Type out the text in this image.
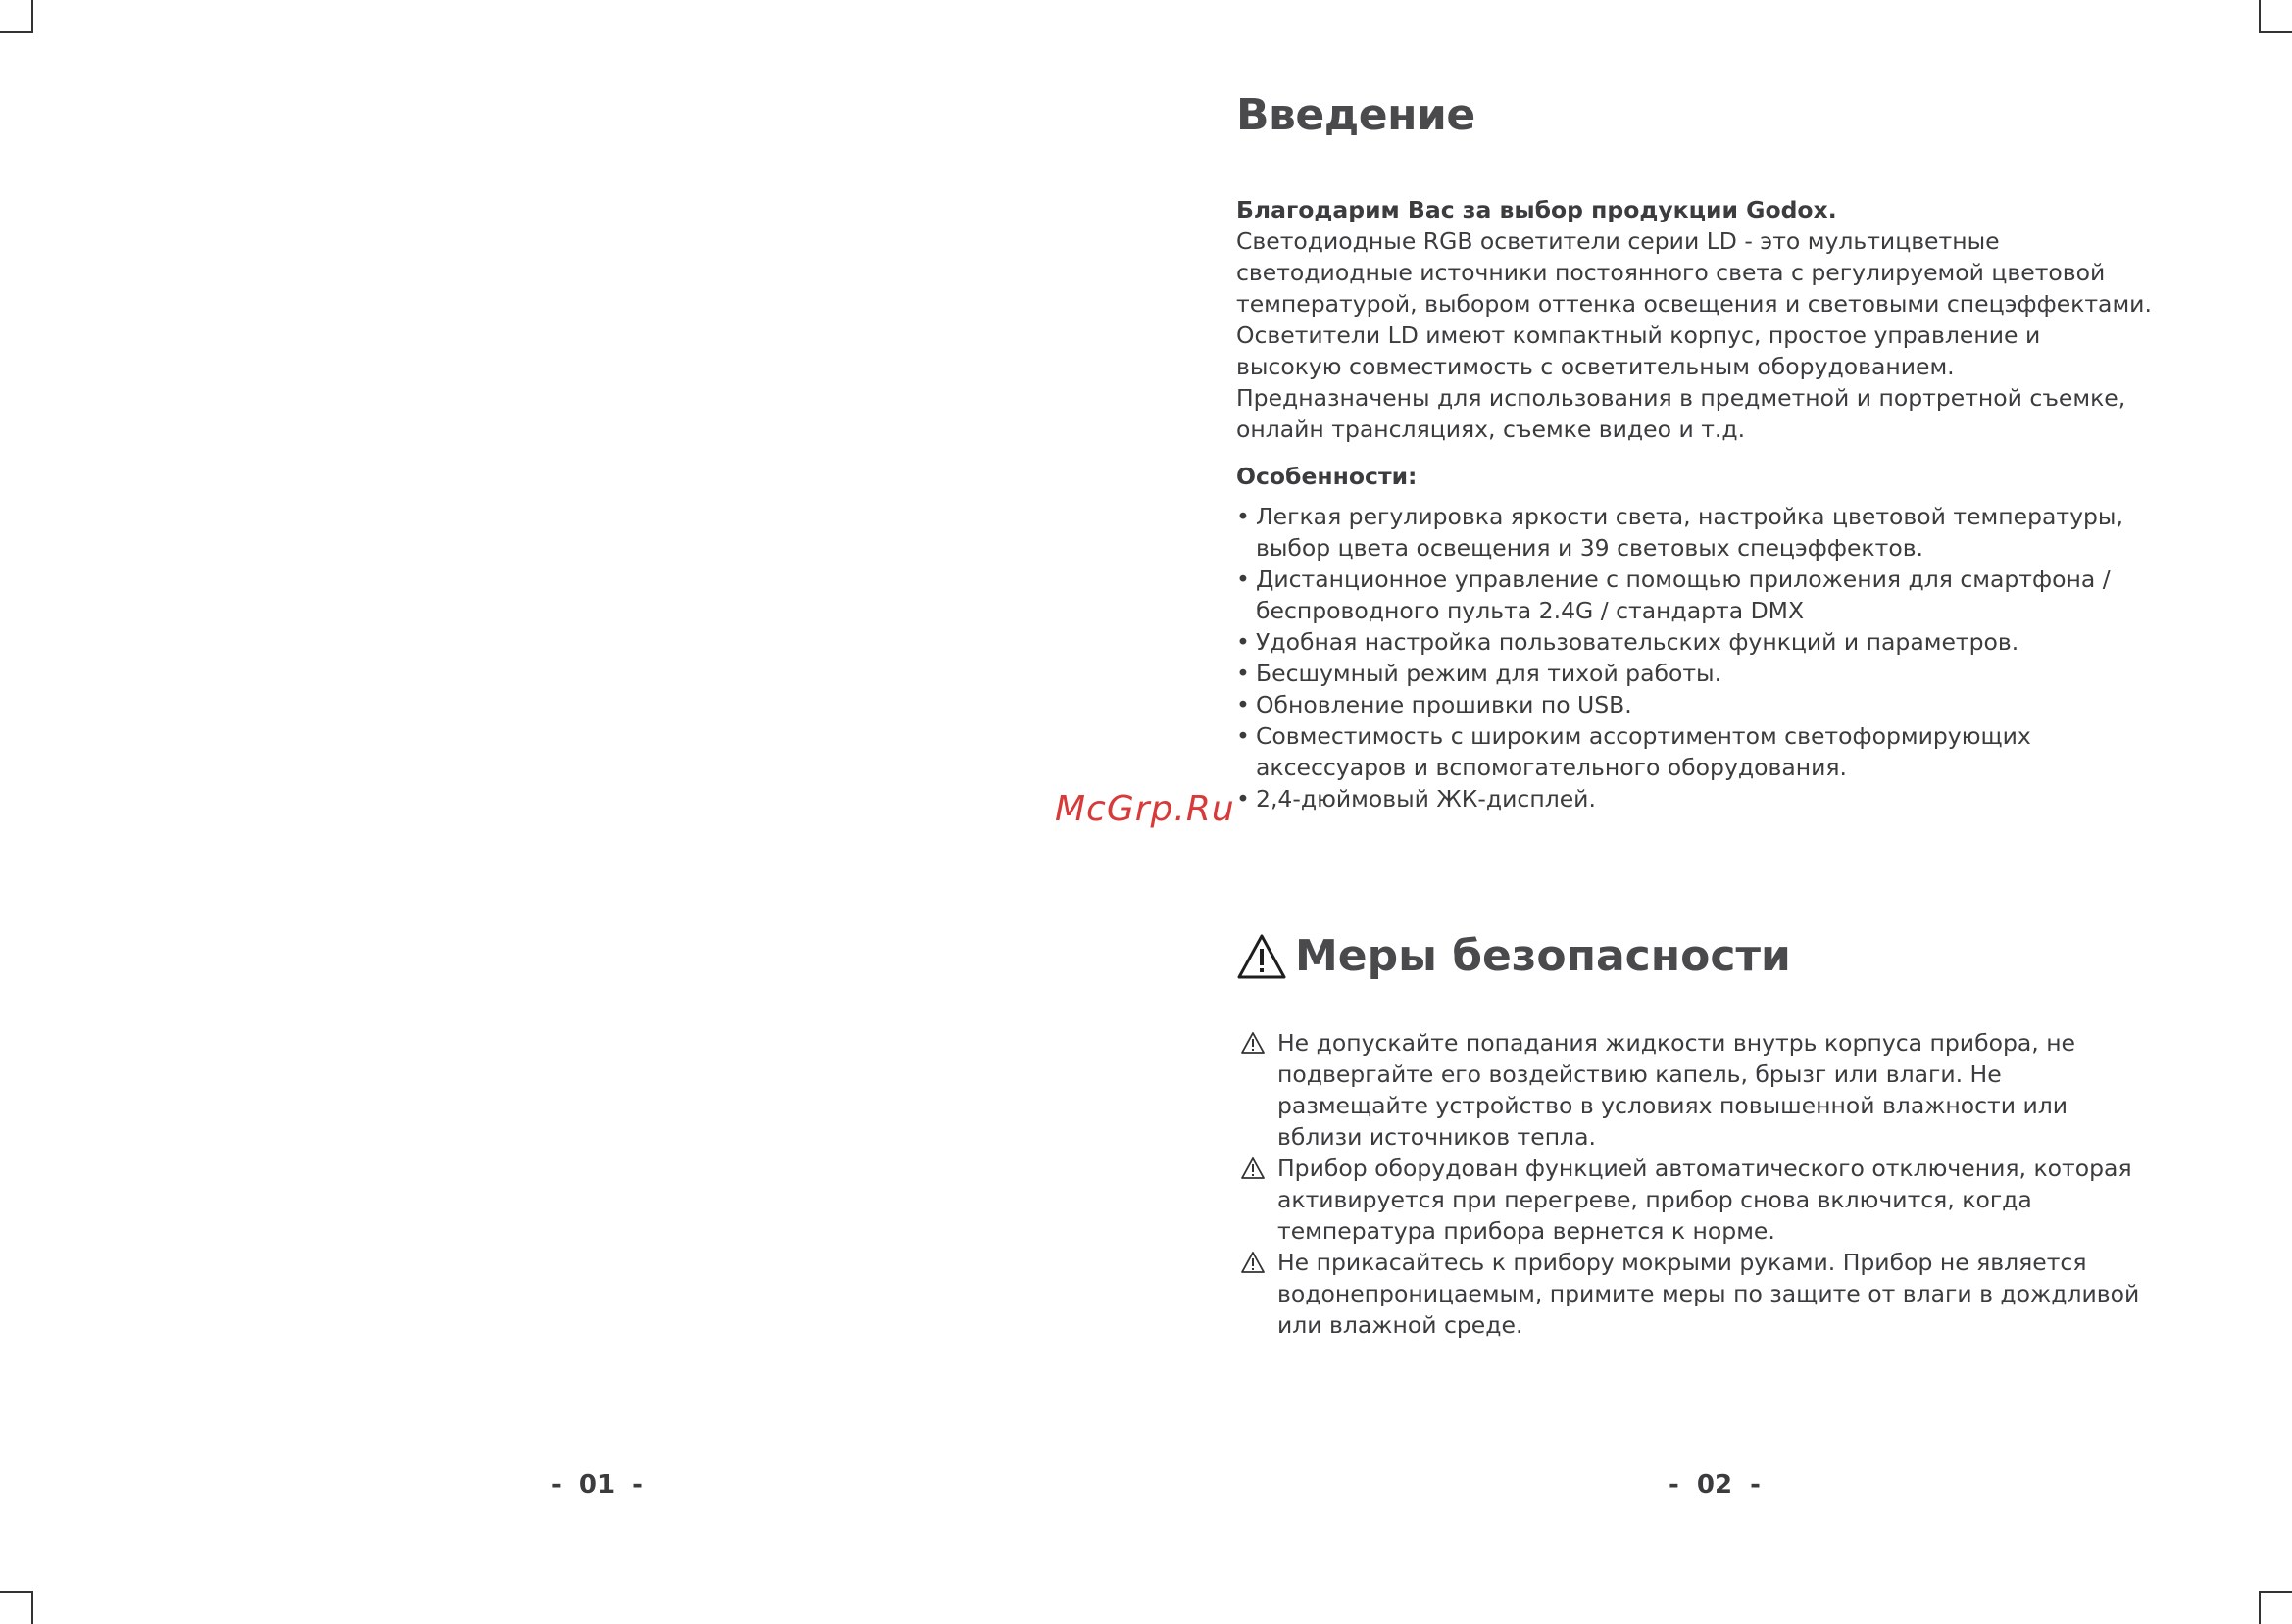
-  01  -
Введение
Благодарим Вас за выбор продукции Godox.
Светодиодные RGB осветители серии LD - это мультицветные
светодиодные источники постоянного света с регулируемой цветовой
температурой, выбором оттенка освещения и световыми спецэффектами.
Осветители LD имеют компактный корпус, простое управление и
высокую совместимость с осветительным оборудованием.
Предназначены для использования в предметной и портретной съемке,
онлайн трансляциях, съемке видео и т.д.
Особенности:
• Легкая регулировка яркости света, настройка цветовой температуры,
выбор цвета освещения и 39 световых спецэффектов.
• Дистанционное управление с помощью приложения для смартфона /
беспроводного пульта 2.4G / стандарта DMX
• Удобная настройка пользовательских функций и параметров.
• Бесшумный режим для тихой работы.
• Обновление прошивки по USB.
• Совместимость с широким ассортиментом светоформирующих
аксессуаров и вспомогательного оборудования.
• 2,4-дюймовый ЖК-дисплей.
Меры безопасности
Не допускайте попадания жидкости внутрь корпуса прибора, не
подвергайте его воздействию капель, брызг или влаги. Не
размещайте устройство в условиях повышенной влажности или
вблизи источников тепла.
Прибор оборудован функцией автоматического отключения, которая
активируется при перегреве, прибор снова включится, когда
температура прибора вернется к норме.
Не прикасайтесь к прибору мокрыми руками. Прибор не является
водонепроницаемым, примите меры по защите от влаги в дождливой
или влажной среде.
-  02  -
McGrp.Ru
